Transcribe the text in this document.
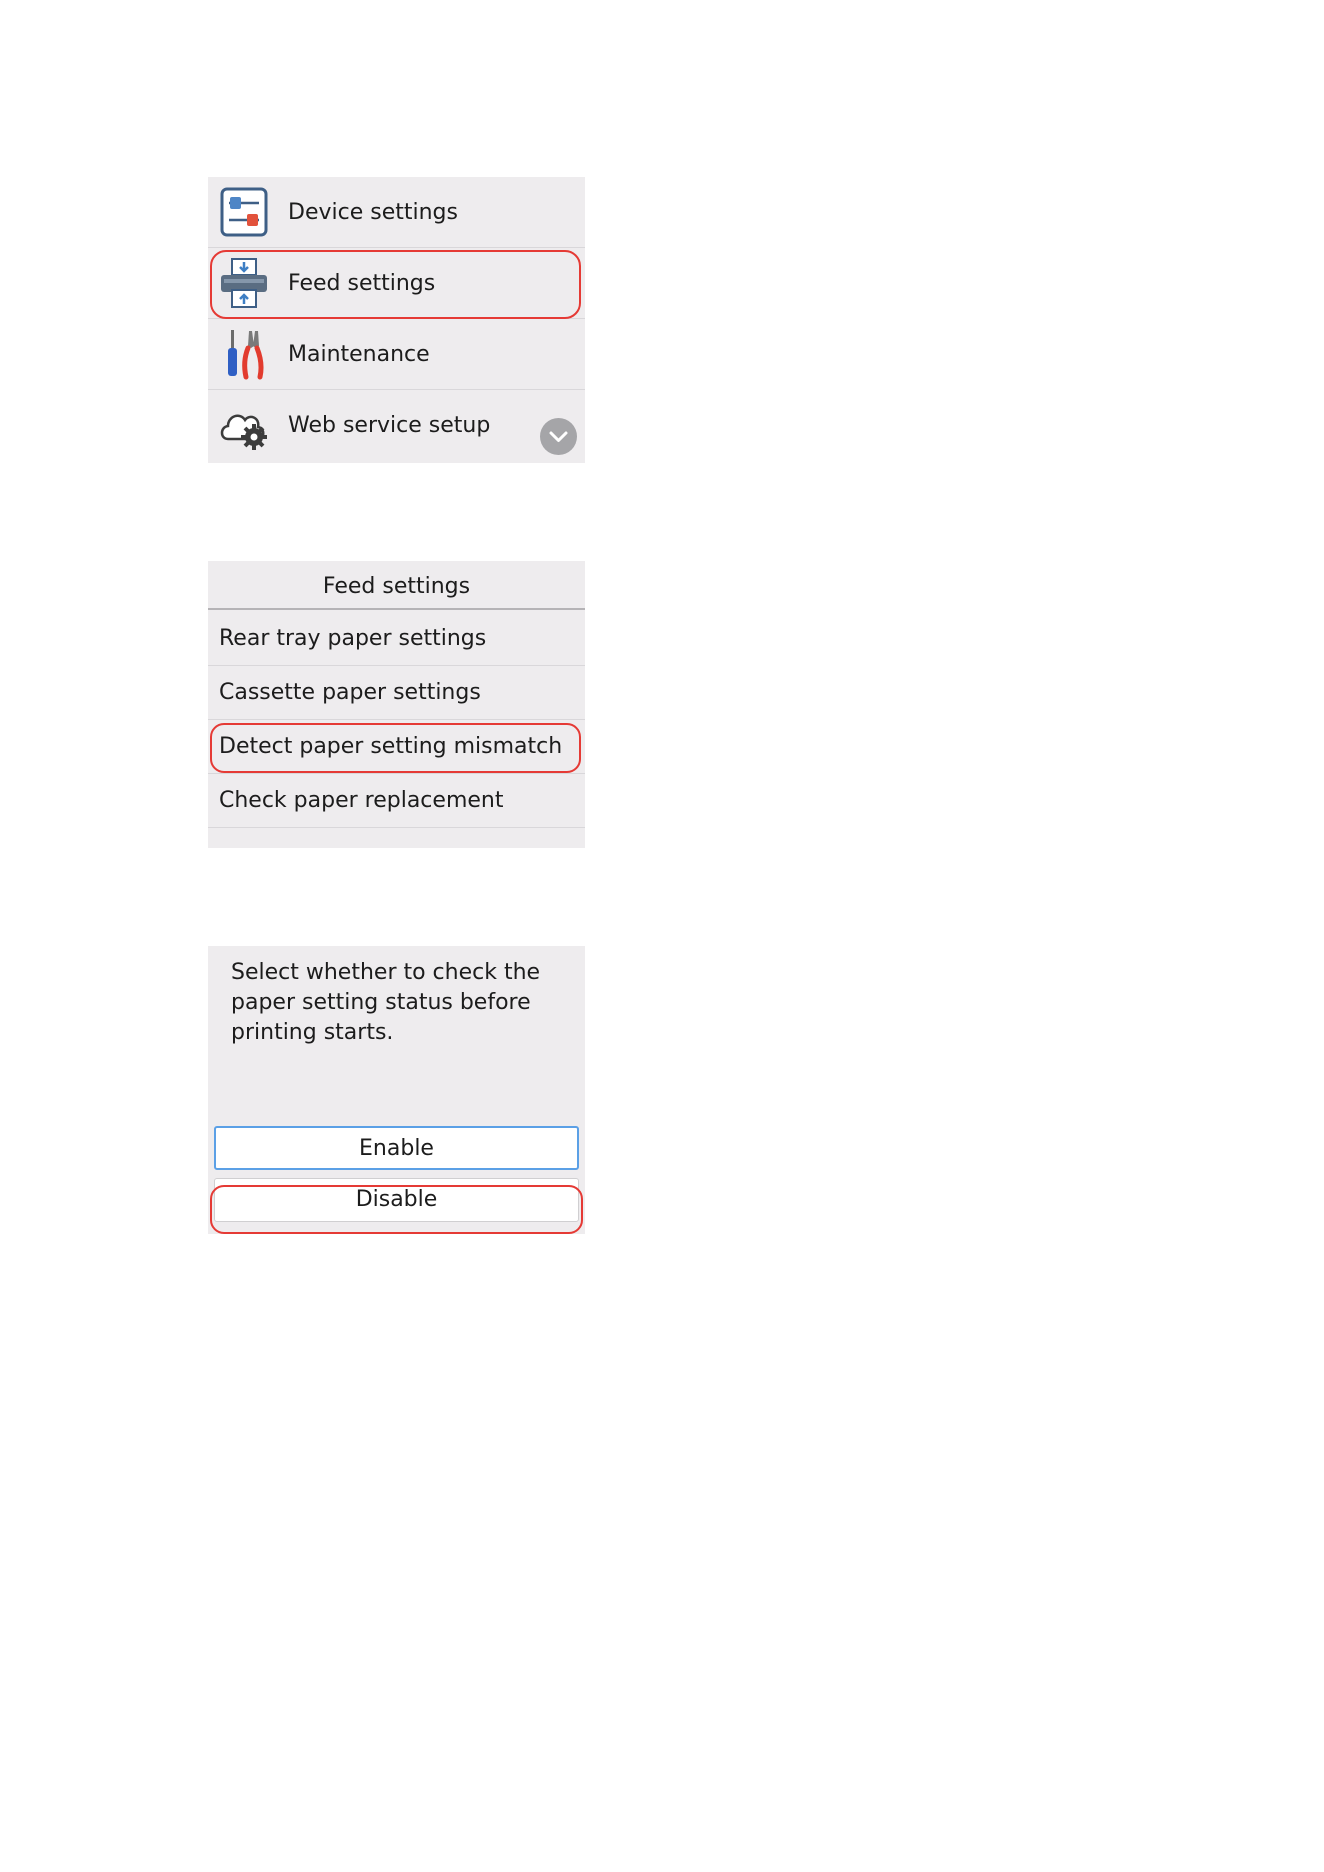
Device settings
Feed settings
Maintenance
Web service setup
Feed settings
Rear tray paper settings
Cassette paper settings
Detect paper setting mismatch
Check paper replacement
Select whether to check the paper setting status before printing starts.
Enable
Disable
